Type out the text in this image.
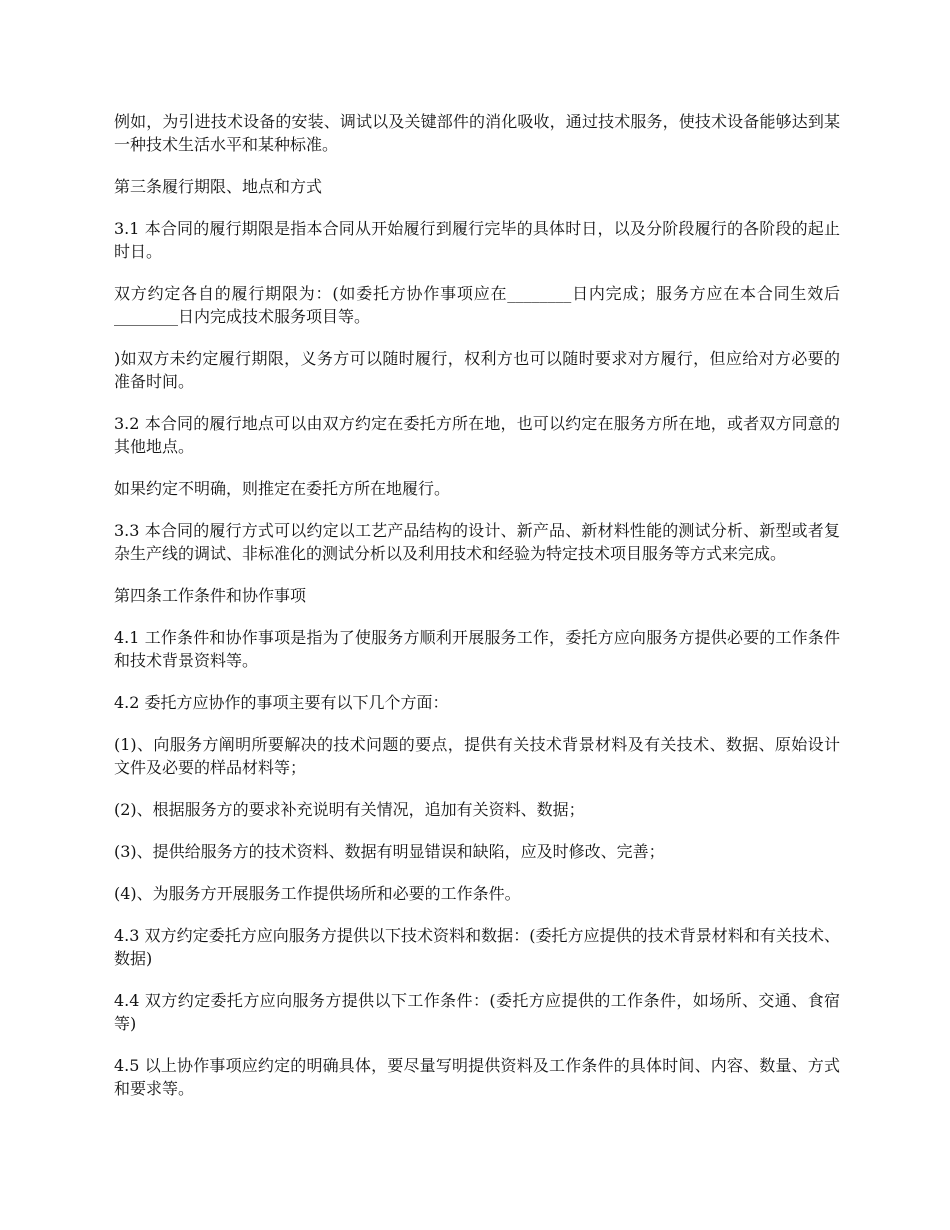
例如，为引进技术设备的安装、调试以及关键部件的消化吸收，通过技术服务，使技术设备能够达到某一种技术生活水平和某种标准。

第三条履行期限、地点和方式

3.1 本合同的履行期限是指本合同从开始履行到履行完毕的具体时日，以及分阶段履行的各阶段的起止时日。

双方约定各自的履行期限为：(如委托方协作事项应在________日内完成；服务方应在本合同生效后________日内完成技术服务项目等。

)如双方未约定履行期限，义务方可以随时履行，权利方也可以随时要求对方履行，但应给对方必要的准备时间。

3.2 本合同的履行地点可以由双方约定在委托方所在地，也可以约定在服务方所在地，或者双方同意的其他地点。

如果约定不明确，则推定在委托方所在地履行。

3.3 本合同的履行方式可以约定以工艺产品结构的设计、新产品、新材料性能的测试分析、新型或者复杂生产线的调试、非标准化的测试分析以及利用技术和经验为特定技术项目服务等方式来完成。

第四条工作条件和协作事项

4.1 工作条件和协作事项是指为了使服务方顺利开展服务工作，委托方应向服务方提供必要的工作条件和技术背景资料等。

4.2 委托方应协作的事项主要有以下几个方面：

(1)、向服务方阐明所要解决的技术问题的要点，提供有关技术背景材料及有关技术、数据、原始设计文件及必要的样品材料等；

(2)、根据服务方的要求补充说明有关情况，追加有关资料、数据；

(3)、提供给服务方的技术资料、数据有明显错误和缺陷，应及时修改、完善；

(4)、为服务方开展服务工作提供场所和必要的工作条件。

4.3 双方约定委托方应向服务方提供以下技术资料和数据：(委托方应提供的技术背景材料和有关技术、数据)

4.4 双方约定委托方应向服务方提供以下工作条件：(委托方应提供的工作条件，如场所、交通、食宿等)

4.5 以上协作事项应约定的明确具体，要尽量写明提供资料及工作条件的具体时间、内容、数量、方式和要求等。
